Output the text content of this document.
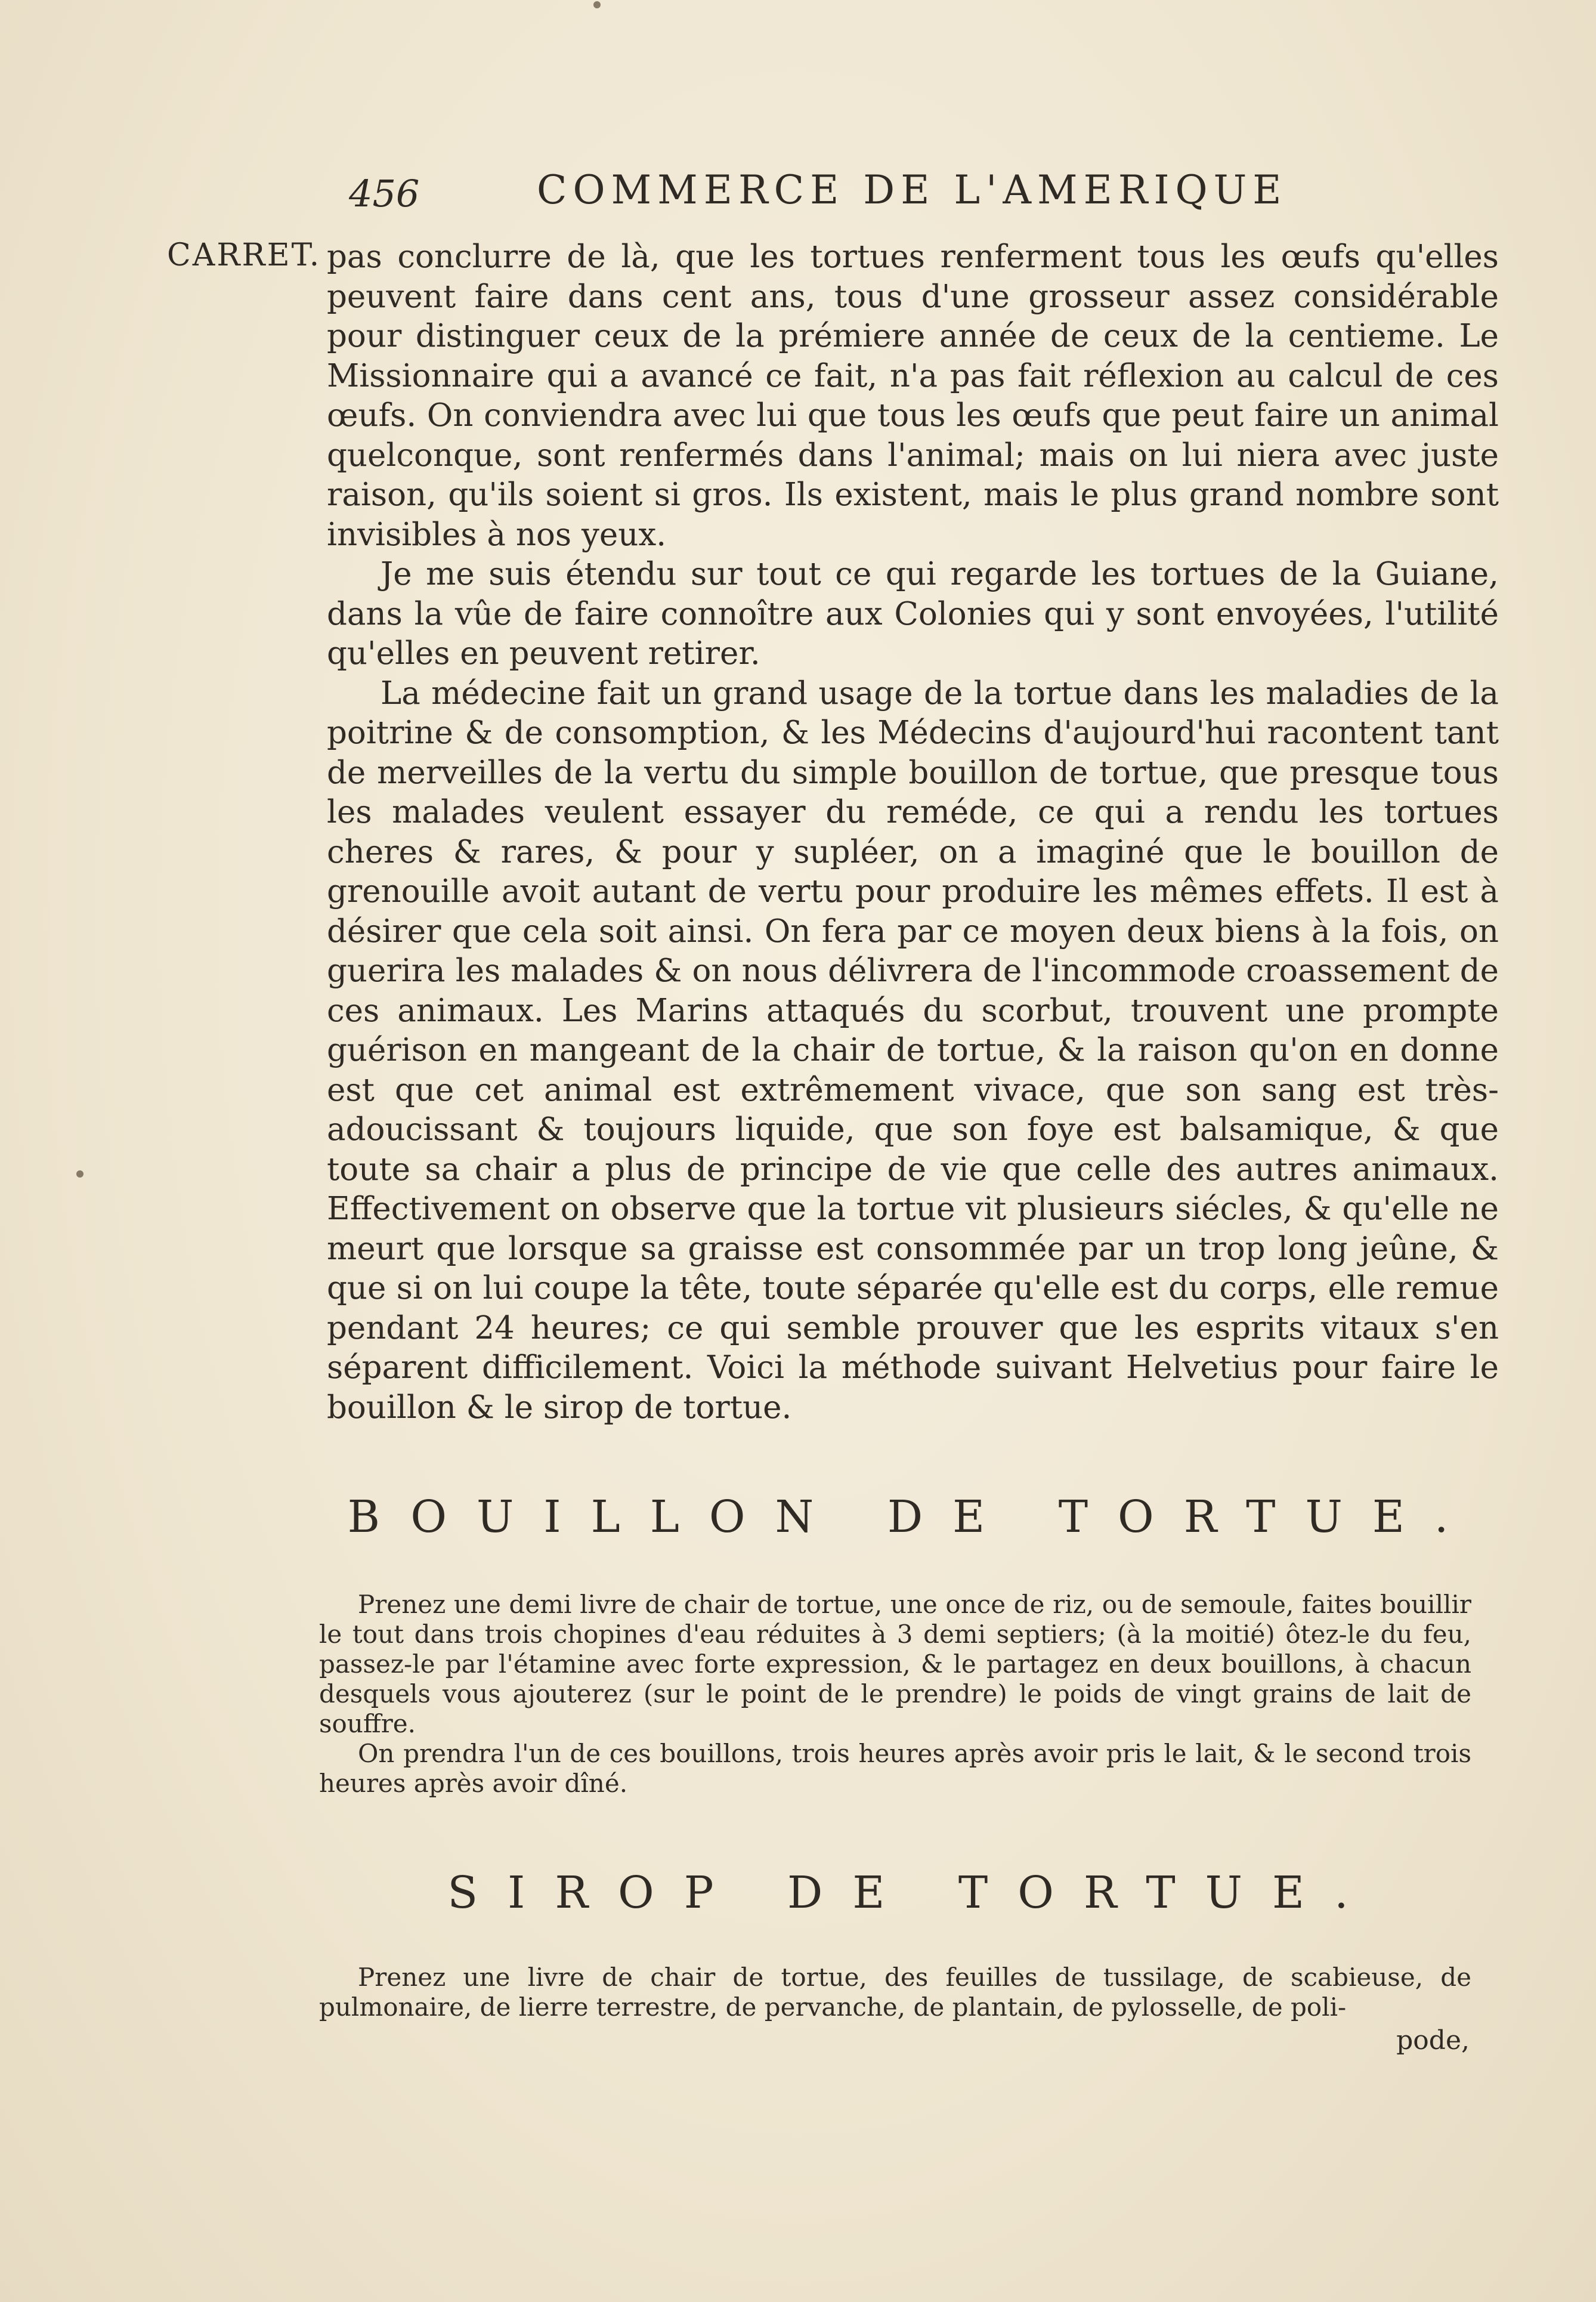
456	COMMERCE DE L'AMERIQUE
CARRET. pas conclurre de là, que les tortues renferment tous les œufs qu'elles peuvent faire dans cent ans, tous d'une grosseur assez considérable pour distinguer ceux de la prémiere année de ceux de la centieme. Le Missionnaire qui a avancé ce fait, n'a pas fait réflexion au calcul de ces œufs. On conviendra avec lui que tous les œufs que peut faire un animal quelconque, sont renfermés dans l'animal; mais on lui niera avec juste raison, qu'ils soient si gros. Ils existent, mais le plus grand nombre sont invisibles à nos yeux.

Je me suis étendu sur tout ce qui regarde les tortues de la Guiane, dans la vûe de faire connoître aux Colonies qui y sont envoyées, l'utilité qu'elles en peuvent retirer.

La médecine fait un grand usage de la tortue dans les maladies de la poitrine & de consomption, & les Médecins d'aujourd'hui racontent tant de merveilles de la vertu du simple bouillon de tortue, que presque tous les malades veulent essayer du reméde, ce qui a rendu les tortues cheres & rares, & pour y supléer, on a imaginé que le bouillon de grenouille avoit autant de vertu pour produire les mêmes effets. Il est à désirer que cela soit ainsi. On fera par ce moyen deux biens à la fois, on guerira les malades & on nous délivrera de l'incommode croassement de ces animaux. Les Marins attaqués du scorbut, trouvent une prompte guérison en mangeant de la chair de tortue, & la raison qu'on en donne est que cet animal est extrêmement vivace, que son sang est très-adoucissant & toujours liquide, que son foye est balsamique, & que toute sa chair a plus de principe de vie que celle des autres animaux. Effectivement on observe que la tortue vit plusieurs siécles, & qu'elle ne meurt que lorsque sa graisse est consommée par un trop long jeûne, & que si on lui coupe la tête, toute séparée qu'elle est du corps, elle remue pendant 24 heures; ce qui semble prouver que les esprits vitaux s'en séparent difficilement. Voici la méthode suivant Helvetius pour faire le bouillon & le sirop de tortue.

BOUILLON DE TORTUE.

Prenez une demi livre de chair de tortue, une once de riz, ou de semoule, faites bouillir le tout dans trois chopines d'eau réduites à 3 demi septiers; (à la moitié) ôtez-le du feu, passez-le par l'étamine avec forte expression, & le partagez en deux bouillons, à chacun desquels vous ajouterez (sur le point de le prendre) le poids de vingt grains de lait de souffre.

On prendra l'un de ces bouillons, trois heures après avoir pris le lait, & le second trois heures après avoir dîné.

SIROP DE TORTUE.

Prenez une livre de chair de tortue, des feuilles de tussilage, de scabieuse, de pulmonaire, de lierre terrestre, de pervanche, de plantain, de pylosselle, de poli-

pode,
